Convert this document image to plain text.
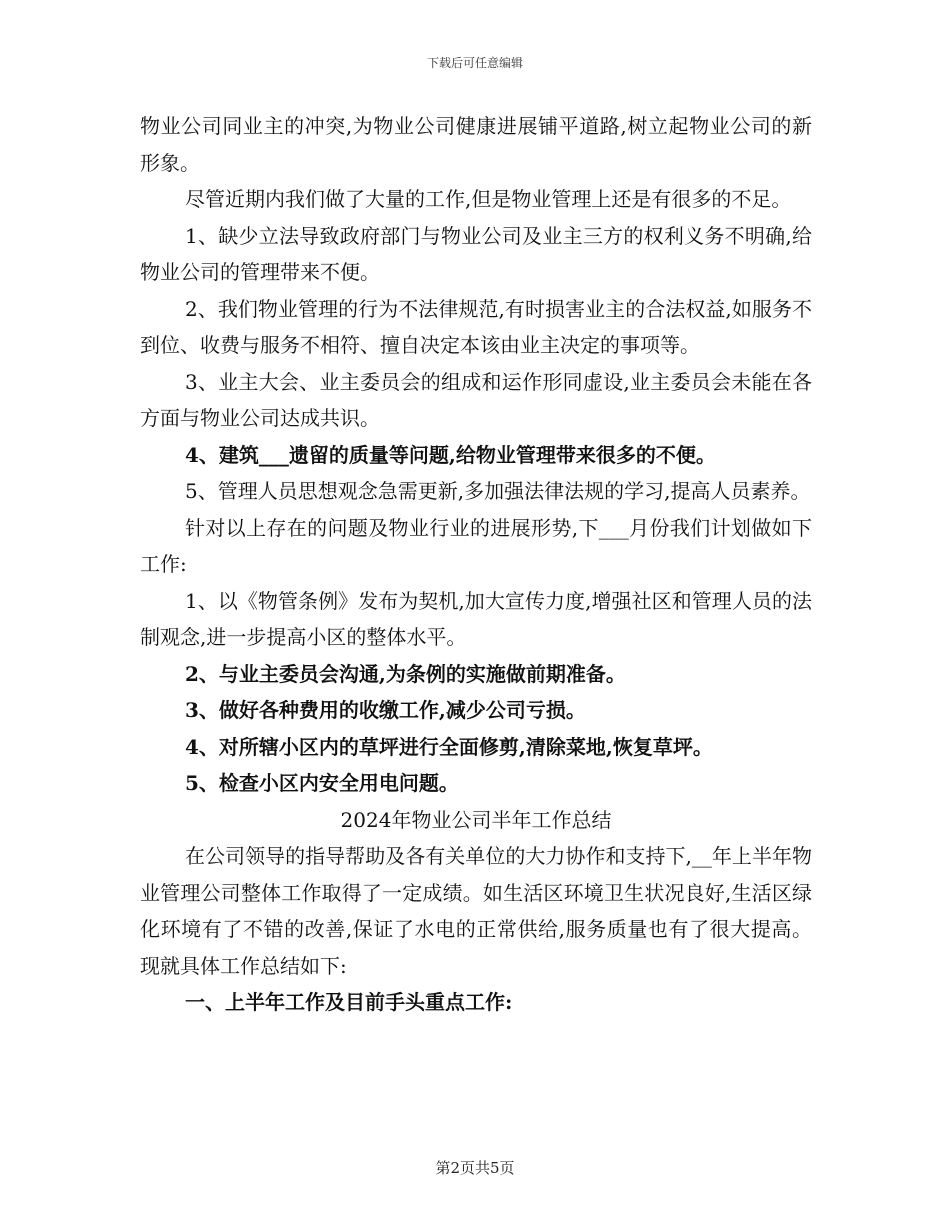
下载后可任意编辑

物业公司同业主的冲突,为物业公司健康进展铺平道路,树立起物业公司的新形象。

尽管近期内我们做了大量的工作,但是物业管理上还是有很多的不足。

1、缺少立法导致政府部门与物业公司及业主三方的权利义务不明确,给物业公司的管理带来不便。

2、我们物业管理的行为不法律规范,有时损害业主的合法权益,如服务不到位、收费与服务不相符、擅自决定本该由业主决定的事项等。

3、业主大会、业主委员会的组成和运作形同虚设,业主委员会未能在各方面与物业公司达成共识。

4、建筑___遗留的质量等问题,给物业管理带来很多的不便。

5、管理人员思想观念急需更新,多加强法律法规的学习,提高人员素养。

针对以上存在的问题及物业行业的进展形势,下___月份我们计划做如下工作:

1、以《物管条例》发布为契机,加大宣传力度,增强社区和管理人员的法制观念,进一步提高小区的整体水平。

2、与业主委员会沟通,为条例的实施做前期准备。

3、做好各种费用的收缴工作,减少公司亏损。

4、对所辖小区内的草坪进行全面修剪,清除菜地,恢复草坪。

5、检查小区内安全用电问题。

2024年物业公司半年工作总结

在公司领导的指导帮助及各有关单位的大力协作和支持下,__年上半年物业管理公司整体工作取得了一定成绩。如生活区环境卫生状况良好,生活区绿化环境有了不错的改善,保证了水电的正常供给,服务质量也有了很大提高。现就具体工作总结如下:

一、上半年工作及目前手头重点工作:

第2页共5页
